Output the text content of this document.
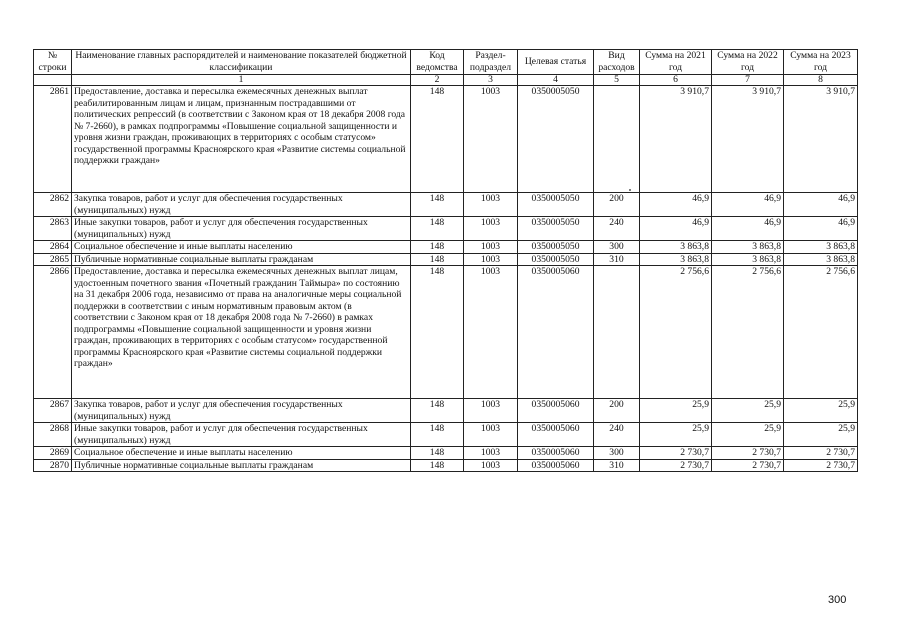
№ строки	Наименование главных распорядителей и наименование показателей бюджетной классификации	Код ведомства	Раздел-подраздел	Целевая статья	Вид расходов	Сумма на 2021 год	Сумма на 2022 год	Сумма на 2023 год
	1	2	3	4	5	6	7	8
2861	Предоставление, доставка и пересылка ежемесячных денежных выплат реабилитированным лицам и лицам, признанным пострадавшими от политических репрессий (в соответствии с Законом края от 18 декабря 2008 года № 7-2660), в рамках подпрограммы «Повышение социальной защищенности и уровня жизни граждан, проживающих в территориях с особым статусом» государственной программы Красноярского края «Развитие системы социальной поддержки граждан»	148	1003	0350005050		3 910,7	3 910,7	3 910,7
2862	Закупка товаров, работ и услуг для обеспечения государственных (муниципальных) нужд	148	1003	0350005050	200	46,9	46,9	46,9
2863	Иные закупки товаров, работ и услуг для обеспечения государственных (муниципальных) нужд	148	1003	0350005050	240	46,9	46,9	46,9
2864	Социальное обеспечение и иные выплаты населению	148	1003	0350005050	300	3 863,8	3 863,8	3 863,8
2865	Публичные нормативные социальные выплаты гражданам	148	1003	0350005050	310	3 863,8	3 863,8	3 863,8
2866	Предоставление, доставка и пересылка ежемесячных денежных выплат лицам, удостоенным почетного звания «Почетный гражданин Таймыра» по состоянию на 31 декабря 2006 года, независимо от права на аналогичные меры социальной поддержки в соответствии с иным нормативным правовым актом (в соответствии с Законом края от 18 декабря 2008 года № 7-2660) в рамках подпрограммы «Повышение социальной защищенности и уровня жизни граждан, проживающих в территориях с особым статусом» государственной программы Красноярского края «Развитие системы социальной поддержки граждан»	148	1003	0350005060		2 756,6	2 756,6	2 756,6
2867	Закупка товаров, работ и услуг для обеспечения государственных (муниципальных) нужд	148	1003	0350005060	200	25,9	25,9	25,9
2868	Иные закупки товаров, работ и услуг для обеспечения государственных (муниципальных) нужд	148	1003	0350005060	240	25,9	25,9	25,9
2869	Социальное обеспечение и иные выплаты населению	148	1003	0350005060	300	2 730,7	2 730,7	2 730,7
2870	Публичные нормативные социальные выплаты гражданам	148	1003	0350005060	310	2 730,7	2 730,7	2 730,7
300
